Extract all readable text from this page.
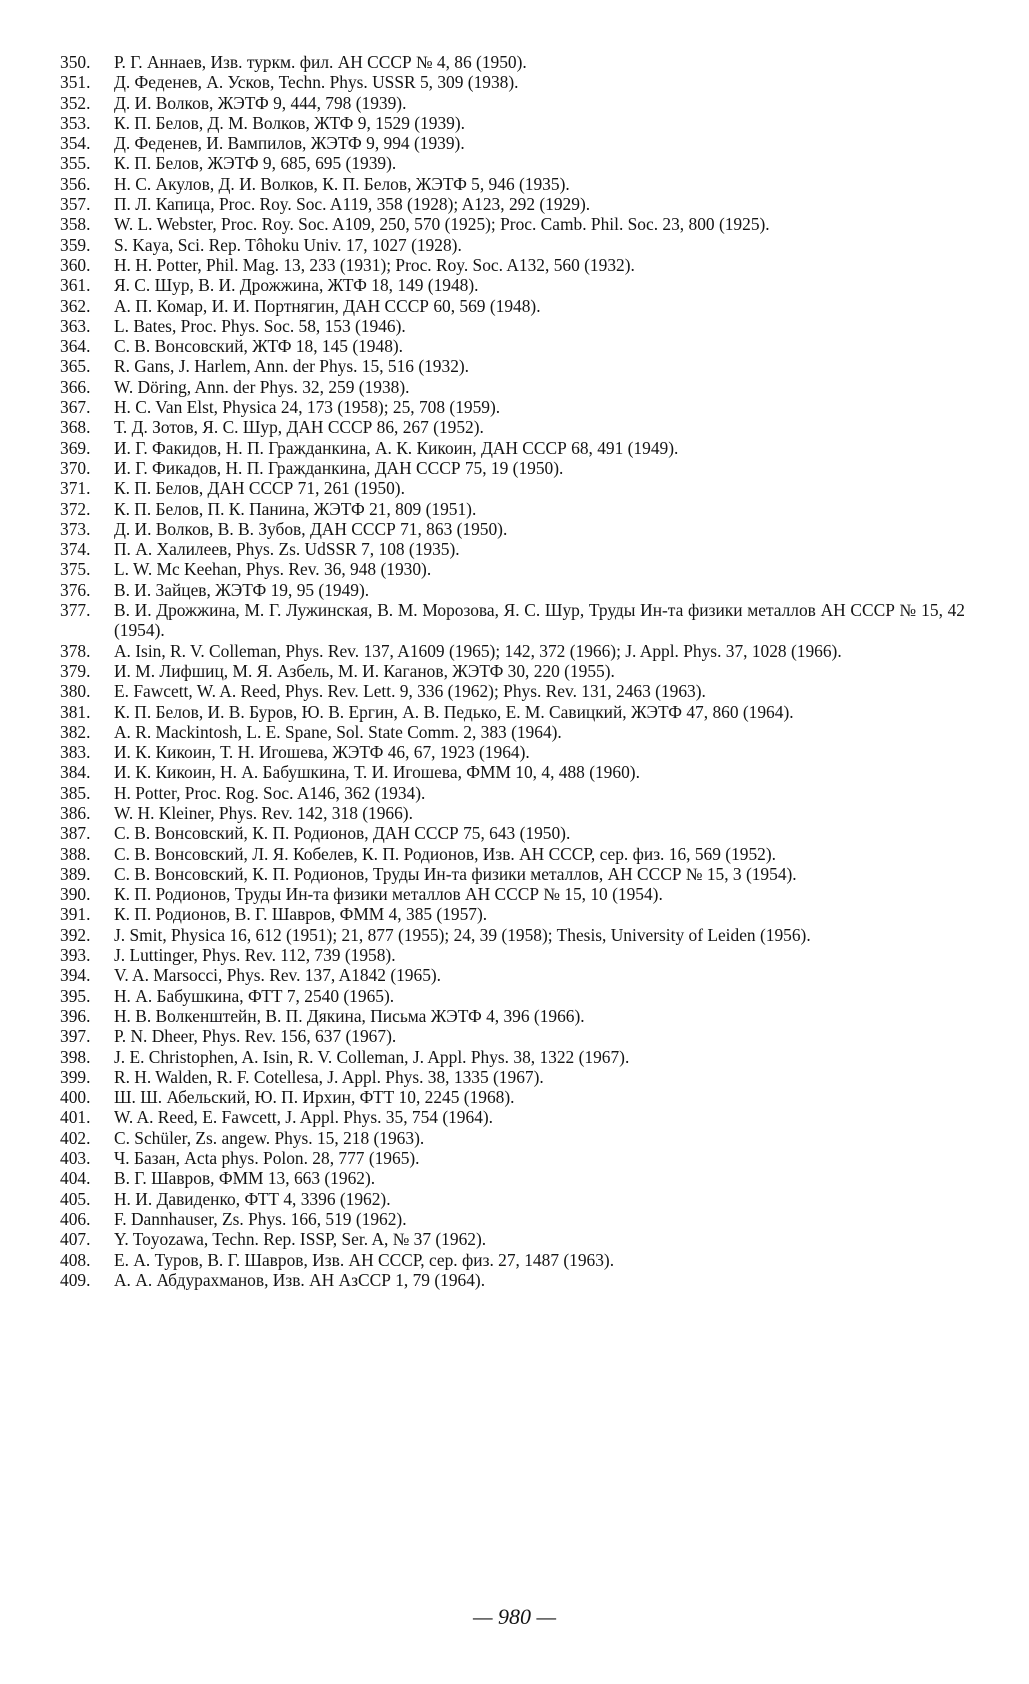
350.	Р. Г. Аннаев, Изв. туркм. фил. АН СССР № 4, 86 (1950).
351.	Д. Феденев, А. Усков, Techn. Phys. USSR 5, 309 (1938).
352.	Д. И. Волков, ЖЭТФ 9, 444, 798 (1939).
353.	К. П. Белов, Д. М. Волков, ЖТФ 9, 1529 (1939).
354.	Д. Феденев, И. Вампилов, ЖЭТФ 9, 994 (1939).
355.	К. П. Белов, ЖЭТФ 9, 685, 695 (1939).
356.	Н. С. Акулов, Д. И. Волков, К. П. Белов, ЖЭТФ 5, 946 (1935).
357.	П. Л. Капица, Proc. Roy. Soc. A119, 358 (1928); A123, 292 (1929).
358.	W. L. Webster, Proc. Roy. Soc. A109, 250, 570 (1925); Proc. Camb. Phil. Soc. 23, 800 (1925).
359.	S. Kaya, Sci. Rep. Tôhoku Univ. 17, 1027 (1928).
360.	H. H. Potter, Phil. Mag. 13, 233 (1931); Proc. Roy. Soc. A132, 560 (1932).
361.	Я. С. Шур, В. И. Дрожжина, ЖТФ 18, 149 (1948).
362.	А. П. Комар, И. И. Портнягин, ДАН СССР 60, 569 (1948).
363.	L. Bates, Proc. Phys. Soc. 58, 153 (1946).
364.	С. В. Вонсовский, ЖТФ 18, 145 (1948).
365.	R. Gans, J. Harlem, Ann. der Phys. 15, 516 (1932).
366.	W. Döring, Ann. der Phys. 32, 259 (1938).
367.	H. C. Van Elst, Physica 24, 173 (1958); 25, 708 (1959).
368.	Т. Д. Зотов, Я. С. Шур, ДАН СССР 86, 267 (1952).
369.	И. Г. Факидов, Н. П. Гражданкина, А. К. Кикоин, ДАН СССР 68, 491 (1949).
370.	И. Г. Фикадов, Н. П. Гражданкина, ДАН СССР 75, 19 (1950).
371.	К. П. Белов, ДАН СССР 71, 261 (1950).
372.	К. П. Белов, П. К. Панина, ЖЭТФ 21, 809 (1951).
373.	Д. И. Волков, В. В. Зубов, ДАН СССР 71, 863 (1950).
374.	П. А. Халилеев, Phys. Zs. UdSSR 7, 108 (1935).
375.	L. W. Mc Keehan, Phys. Rev. 36, 948 (1930).
376.	В. И. Зайцев, ЖЭТФ 19, 95 (1949).
377.	В. И. Дрожжина, М. Г. Лужинская, В. М. Морозова, Я. С. Шур, Труды Ин-та физики металлов АН СССР № 15, 42 (1954).
378.	A. Isin, R. V. Colleman, Phys. Rev. 137, A1609 (1965); 142, 372 (1966); J. Appl. Phys. 37, 1028 (1966).
379.	И. М. Лифшиц, М. Я. Азбель, М. И. Каганов, ЖЭТФ 30, 220 (1955).
380.	E. Fawcett, W. A. Reed, Phys. Rev. Lett. 9, 336 (1962); Phys. Rev. 131, 2463 (1963).
381.	К. П. Белов, И. В. Буров, Ю. В. Ергин, А. В. Педько, Е. М. Савицкий, ЖЭТФ 47, 860 (1964).
382.	A. R. Mackintosh, L. E. Spane, Sol. State Comm. 2, 383 (1964).
383.	И. К. Кикоин, Т. Н. Игошева, ЖЭТФ 46, 67, 1923 (1964).
384.	И. К. Кикоин, Н. А. Бабушкина, Т. И. Игошева, ФММ 10, 4, 488 (1960).
385.	H. Potter, Proc. Rog. Soc. A146, 362 (1934).
386.	W. H. Kleiner, Phys. Rev. 142, 318 (1966).
387.	С. В. Вонсовский, К. П. Родионов, ДАН СССР 75, 643 (1950).
388.	С. В. Вонсовский, Л. Я. Кобелев, К. П. Родионов, Изв. АН СССР, сер. физ. 16, 569 (1952).
389.	С. В. Вонсовский, К. П. Родионов, Труды Ин-та физики металлов, АН СССР № 15, 3 (1954).
390.	К. П. Родионов, Труды Ин-та физики металлов АН СССР № 15, 10 (1954).
391.	К. П. Родионов, В. Г. Шавров, ФММ 4, 385 (1957).
392.	J. Smit, Physica 16, 612 (1951); 21, 877 (1955); 24, 39 (1958); Thesis, University of Leiden (1956).
393.	J. Luttinger, Phys. Rev. 112, 739 (1958).
394.	V. A. Marsocci, Phys. Rev. 137, A1842 (1965).
395.	Н. А. Бабушкина, ФТТ 7, 2540 (1965).
396.	Н. В. Волкенштейн, В. П. Дякина, Письма ЖЭТФ 4, 396 (1966).
397.	P. N. Dheer, Phys. Rev. 156, 637 (1967).
398.	J. E. Christophen, A. Isin, R. V. Colleman, J. Appl. Phys. 38, 1322 (1967).
399.	R. H. Walden, R. F. Cotellesa, J. Appl. Phys. 38, 1335 (1967).
400.	Ш. Ш. Абельский, Ю. П. Ирхин, ФТТ 10, 2245 (1968).
401.	W. A. Reed, E. Fawcett, J. Appl. Phys. 35, 754 (1964).
402.	C. Schüler, Zs. angew. Phys. 15, 218 (1963).
403.	Ч. Базан, Acta phys. Polon. 28, 777 (1965).
404.	В. Г. Шавров, ФММ 13, 663 (1962).
405.	Н. И. Давиденко, ФТТ 4, 3396 (1962).
406.	F. Dannhauser, Zs. Phys. 166, 519 (1962).
407.	Y. Toyozawa, Techn. Rep. ISSP, Ser. A, № 37 (1962).
408.	Е. А. Туров, В. Г. Шавров, Изв. АН СССР, сер. физ. 27, 1487 (1963).
409.	А. А. Абдурахманов, Изв. АН АзССР 1, 79 (1964).
— 980 —
